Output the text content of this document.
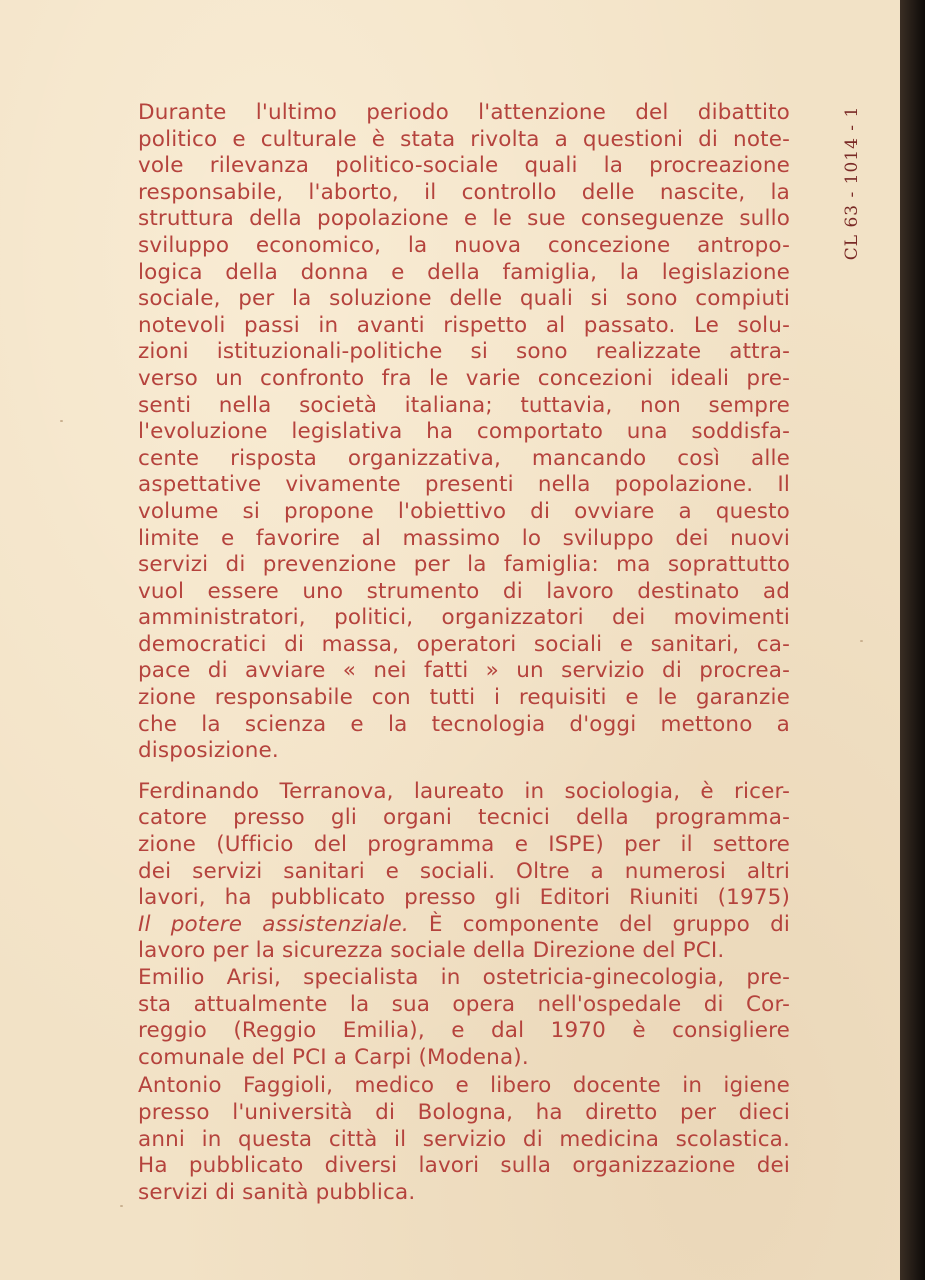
CL 63 - 1014 - 1
Durante l'ultimo periodo l'attenzione del dibattito
politico e culturale è stata rivolta a questioni di note-
vole rilevanza politico-sociale quali la procreazione
responsabile, l'aborto, il controllo delle nascite, la
struttura della popolazione e le sue conseguenze sullo
sviluppo economico, la nuova concezione antropo-
logica della donna e della famiglia, la legislazione
sociale, per la soluzione delle quali si sono compiuti
notevoli passi in avanti rispetto al passato. Le solu-
zioni istituzionali-politiche si sono realizzate attra-
verso un confronto fra le varie concezioni ideali pre-
senti nella società italiana; tuttavia, non sempre
l'evoluzione legislativa ha comportato una soddisfa-
cente risposta organizzativa, mancando così alle
aspettative vivamente presenti nella popolazione. Il
volume si propone l'obiettivo di ovviare a questo
limite e favorire al massimo lo sviluppo dei nuovi
servizi di prevenzione per la famiglia: ma soprattutto
vuol essere uno strumento di lavoro destinato ad
amministratori, politici, organizzatori dei movimenti
democratici di massa, operatori sociali e sanitari, ca-
pace di avviare « nei fatti » un servizio di procrea-
zione responsabile con tutti i requisiti e le garanzie
che la scienza e la tecnologia d'oggi mettono a
disposizione.
Ferdinando Terranova, laureato in sociologia, è ricer-
catore presso gli organi tecnici della programma-
zione (Ufficio del programma e ISPE) per il settore
dei servizi sanitari e sociali. Oltre a numerosi altri
lavori, ha pubblicato presso gli Editori Riuniti (1975)
Il potere assistenziale. È componente del gruppo di
lavoro per la sicurezza sociale della Direzione del PCI.
Emilio Arisi, specialista in ostetricia-ginecologia, pre-
sta attualmente la sua opera nell'ospedale di Cor-
reggio (Reggio Emilia), e dal 1970 è consigliere
comunale del PCI a Carpi (Modena).
Antonio Faggioli, medico e libero docente in igiene
presso l'università di Bologna, ha diretto per dieci
anni in questa città il servizio di medicina scolastica.
Ha pubblicato diversi lavori sulla organizzazione dei
servizi di sanità pubblica.
